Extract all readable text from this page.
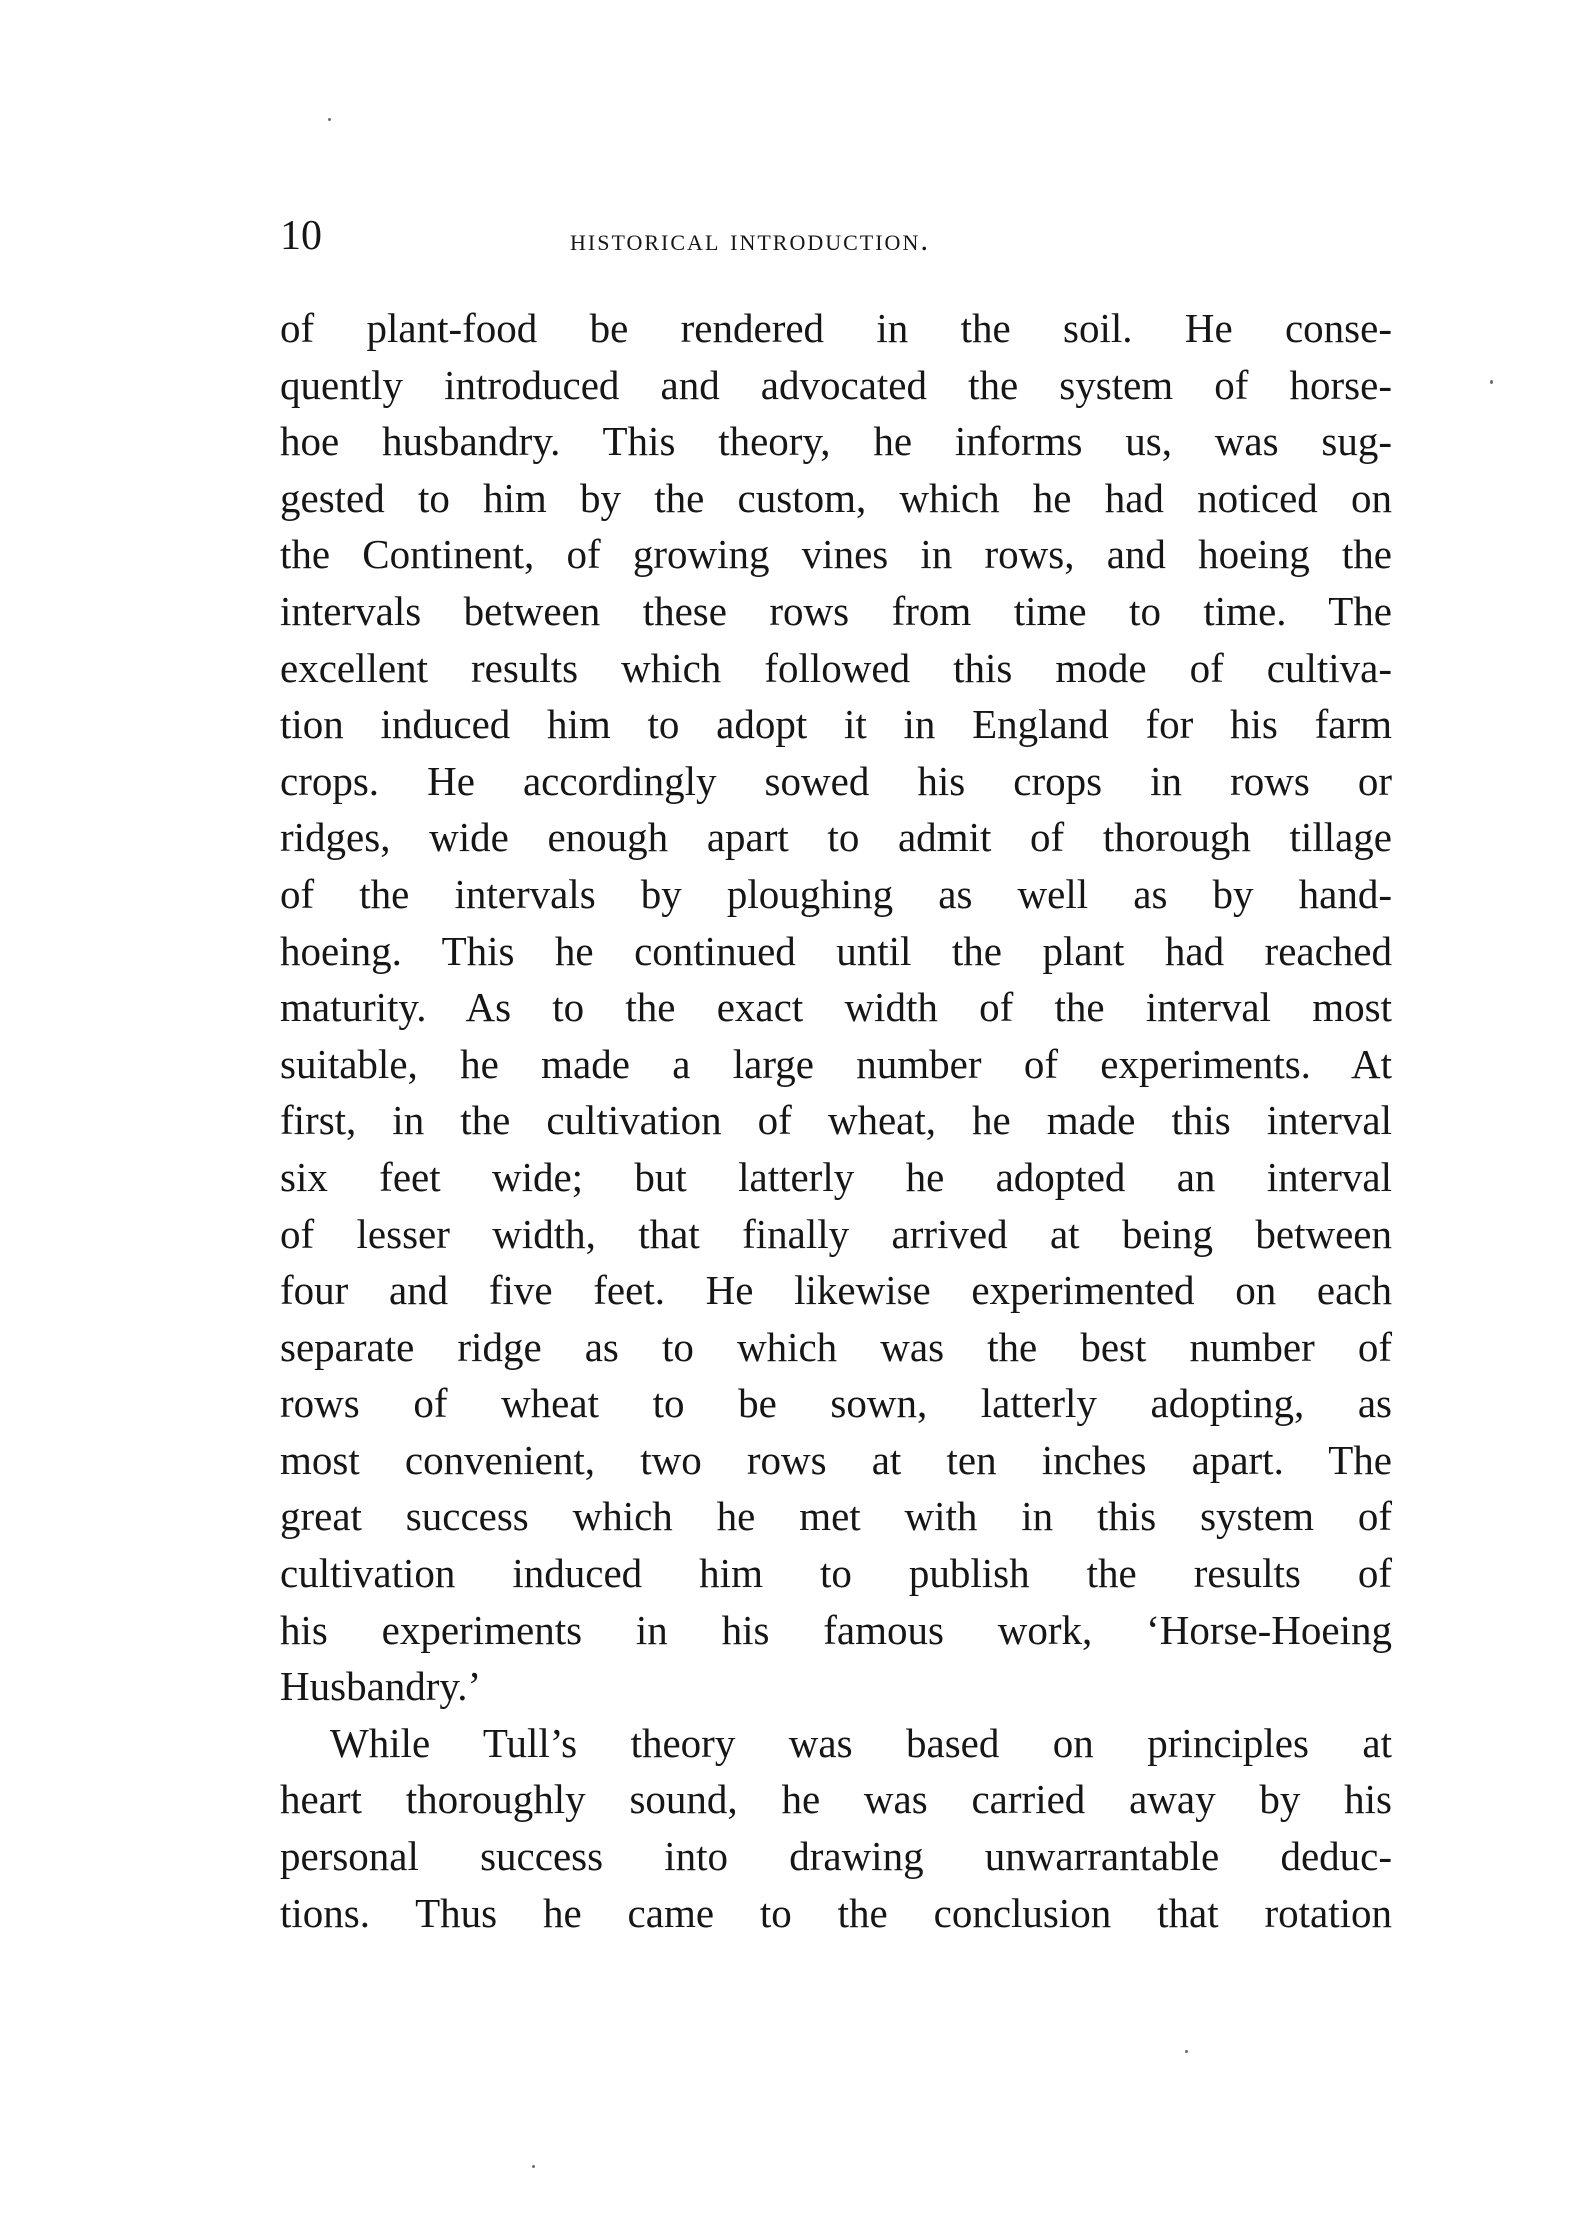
10	historical introduction.
of plant-food be rendered in the soil. He conse-
quently introduced and advocated the system of horse-
hoe husbandry. This theory, he informs us, was sug-
gested to him by the custom, which he had noticed on
the Continent, of growing vines in rows, and hoeing the
intervals between these rows from time to time. The
excellent results which followed this mode of cultiva-
tion induced him to adopt it in England for his farm
crops. He accordingly sowed his crops in rows or
ridges, wide enough apart to admit of thorough tillage
of the intervals by ploughing as well as by hand-
hoeing. This he continued until the plant had reached
maturity. As to the exact width of the interval most
suitable, he made a large number of experiments. At
first, in the cultivation of wheat, he made this interval
six feet wide; but latterly he adopted an interval
of lesser width, that finally arrived at being between
four and five feet. He likewise experimented on each
separate ridge as to which was the best number of
rows of wheat to be sown, latterly adopting, as
most convenient, two rows at ten inches apart. The
great success which he met with in this system of
cultivation induced him to publish the results of
his experiments in his famous work, ‘Horse-Hoeing
Husbandry.’
While Tull’s theory was based on principles at
heart thoroughly sound, he was carried away by his
personal success into drawing unwarrantable deduc-
tions. Thus he came to the conclusion that rotation
